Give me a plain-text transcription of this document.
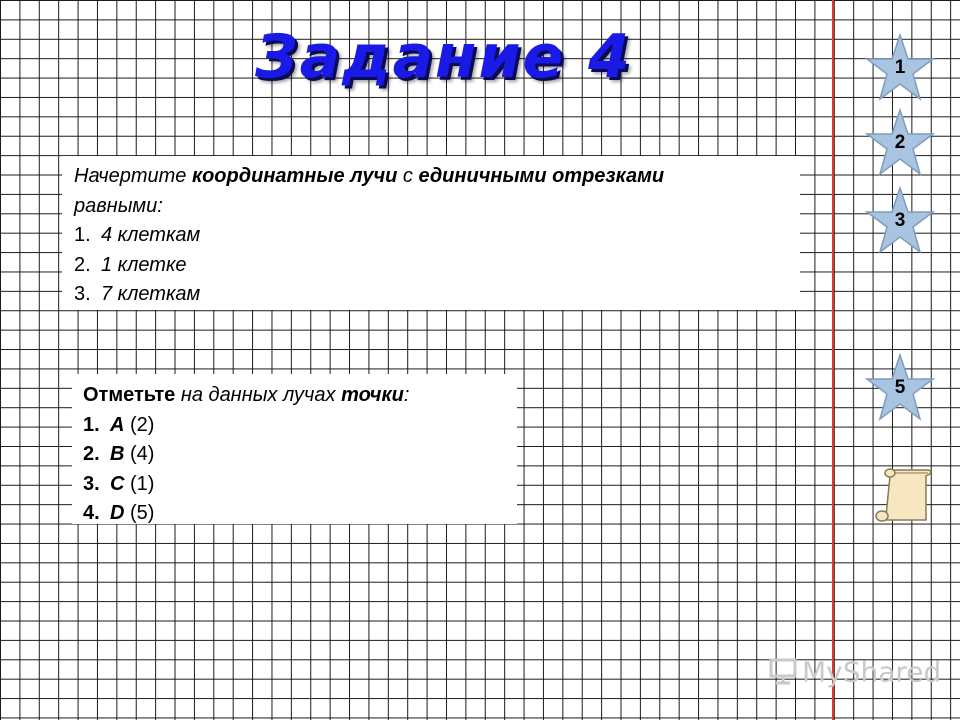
Задание 4
Начертите координатные лучи с единичными отрезками
равными:
1. 4 клеткам
2. 1 клетке
3. 7 клеткам
Отметьте на данных лучах точки:
1. A (2)
2. B (4)
3. C (1)
4. D (5)
1
2
3
5
MyShared
